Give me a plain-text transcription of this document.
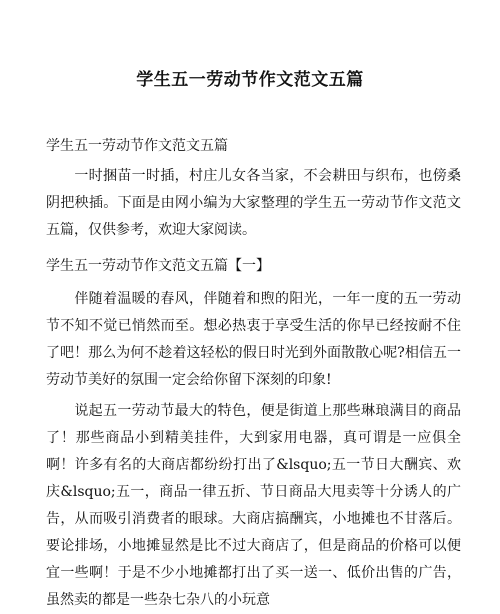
学生五一劳动节作文范文五篇

学生五一劳动节作文范文五篇

一时捆苗一时插，村庄儿女各当家，不会耕田与织布，也傍桑阴把秧插。下面是由网小编为大家整理的学生五一劳动节作文范文五篇，仅供参考，欢迎大家阅读。

学生五一劳动节作文范文五篇【一】

伴随着温暖的春风，伴随着和煦的阳光，一年一度的五一劳动节不知不觉已悄然而至。想必热衷于享受生活的你早已经按耐不住了吧！那么为何不趁着这轻松的假日时光到外面散散心呢?相信五一劳动节美好的氛围一定会给你留下深刻的印象!

说起五一劳动节最大的特色，便是街道上那些琳琅满目的商品了！那些商品小到精美挂件，大到家用电器，真可谓是一应俱全啊！许多有名的大商店都纷纷打出了&lsquo;五一节日大酬宾、欢庆&lsquo;五一，商品一律五折、节日商品大甩卖等十分诱人的广告，从而吸引消费者的眼球。大商店搞酬宾，小地摊也不甘落后。要论排场，小地摊显然是比不过大商店了，但是商品的价格可以便宜一些啊！于是不少小地摊都打出了买一送一、低价出售的广告，虽然卖的都是一些杂七杂八的小玩意
